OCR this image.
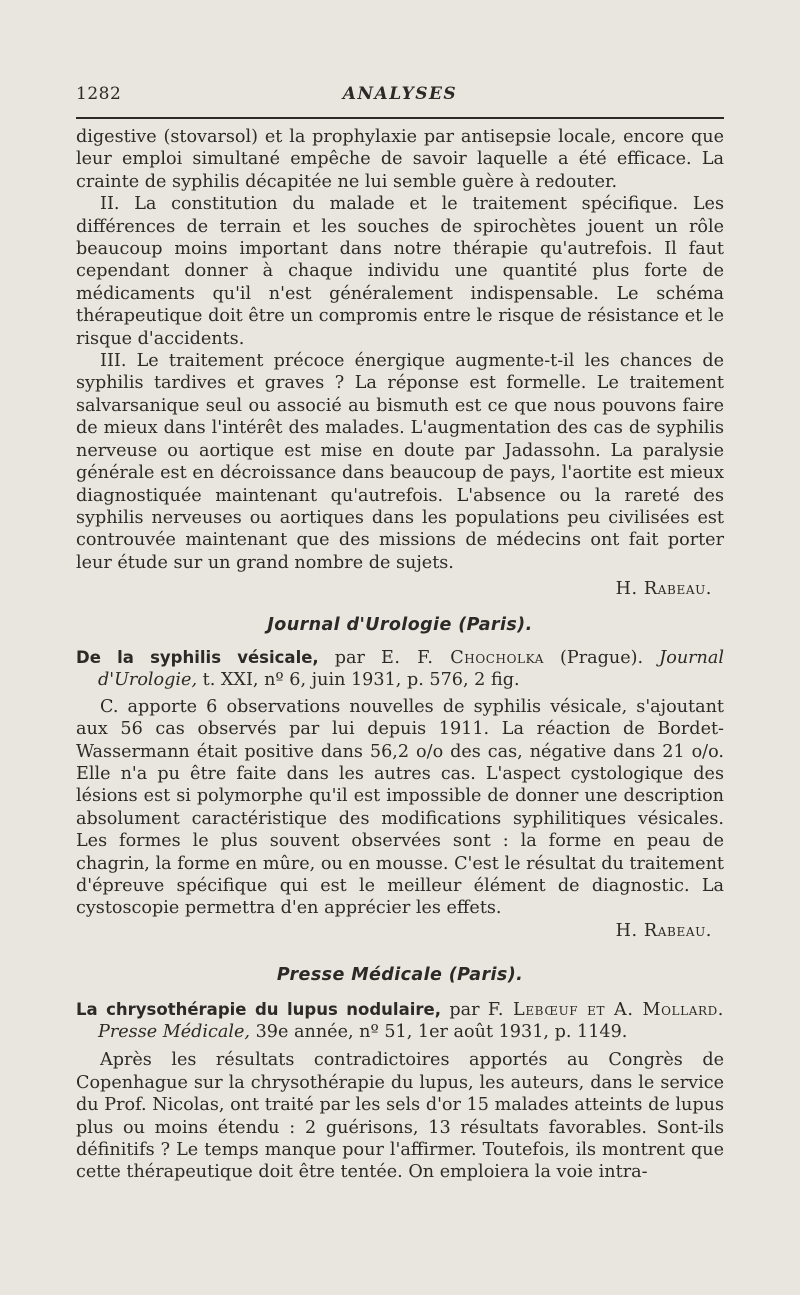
1282	ANALYSES

digestive (stovarsol) et la prophylaxie par antisepsie locale, encore que leur emploi simultané empêche de savoir laquelle a été efficace. La crainte de syphilis décapitée ne lui semble guère à redouter.

II. La constitution du malade et le traitement spécifique. Les différences de terrain et les souches de spirochètes jouent un rôle beaucoup moins important dans notre thérapie qu'autrefois. Il faut cependant donner à chaque individu une quantité plus forte de médicaments qu'il n'est généralement indispensable. Le schéma thérapeutique doit être un compromis entre le risque de résistance et le risque d'accidents.

III. Le traitement précoce énergique augmente-t-il les chances de syphilis tardives et graves ? La réponse est formelle. Le traitement salvarsanique seul ou associé au bismuth est ce que nous pouvons faire de mieux dans l'intérêt des malades. L'augmentation des cas de syphilis nerveuse ou aortique est mise en doute par Jadassohn. La paralysie générale est en décroissance dans beaucoup de pays, l'aortite est mieux diagnostiquée maintenant qu'autrefois. L'absence ou la rareté des syphilis nerveuses ou aortiques dans les populations peu civilisées est controuvée maintenant que des missions de médecins ont fait porter leur étude sur un grand nombre de sujets.

H. Rabeau.

Journal d'Urologie (Paris).

De la syphilis vésicale, par E. F. Chocholka (Prague). Journal d'Urologie, t. XXI, nº 6, juin 1931, p. 576, 2 fig.

C. apporte 6 observations nouvelles de syphilis vésicale, s'ajoutant aux 56 cas observés par lui depuis 1911. La réaction de Bordet-Wassermann était positive dans 56,2 o/o des cas, négative dans 21 o/o. Elle n'a pu être faite dans les autres cas. L'aspect cystologique des lésions est si polymorphe qu'il est impossible de donner une description absolument caractéristique des modifications syphilitiques vésicales. Les formes le plus souvent observées sont : la forme en peau de chagrin, la forme en mûre, ou en mousse. C'est le résultat du traitement d'épreuve spécifique qui est le meilleur élément de diagnostic. La cystoscopie permettra d'en apprécier les effets.

H. Rabeau.

Presse Médicale (Paris).

La chrysothérapie du lupus nodulaire, par F. Lebœuf et A. Mollard. Presse Médicale, 39e année, nº 51, 1er août 1931, p. 1149.

Après les résultats contradictoires apportés au Congrès de Copenhague sur la chrysothérapie du lupus, les auteurs, dans le service du Prof. Nicolas, ont traité par les sels d'or 15 malades atteints de lupus plus ou moins étendu : 2 guérisons, 13 résultats favorables. Sont-ils définitifs ? Le temps manque pour l'affirmer. Toutefois, ils montrent que cette thérapeutique doit être tentée. On emploiera la voie intra-
